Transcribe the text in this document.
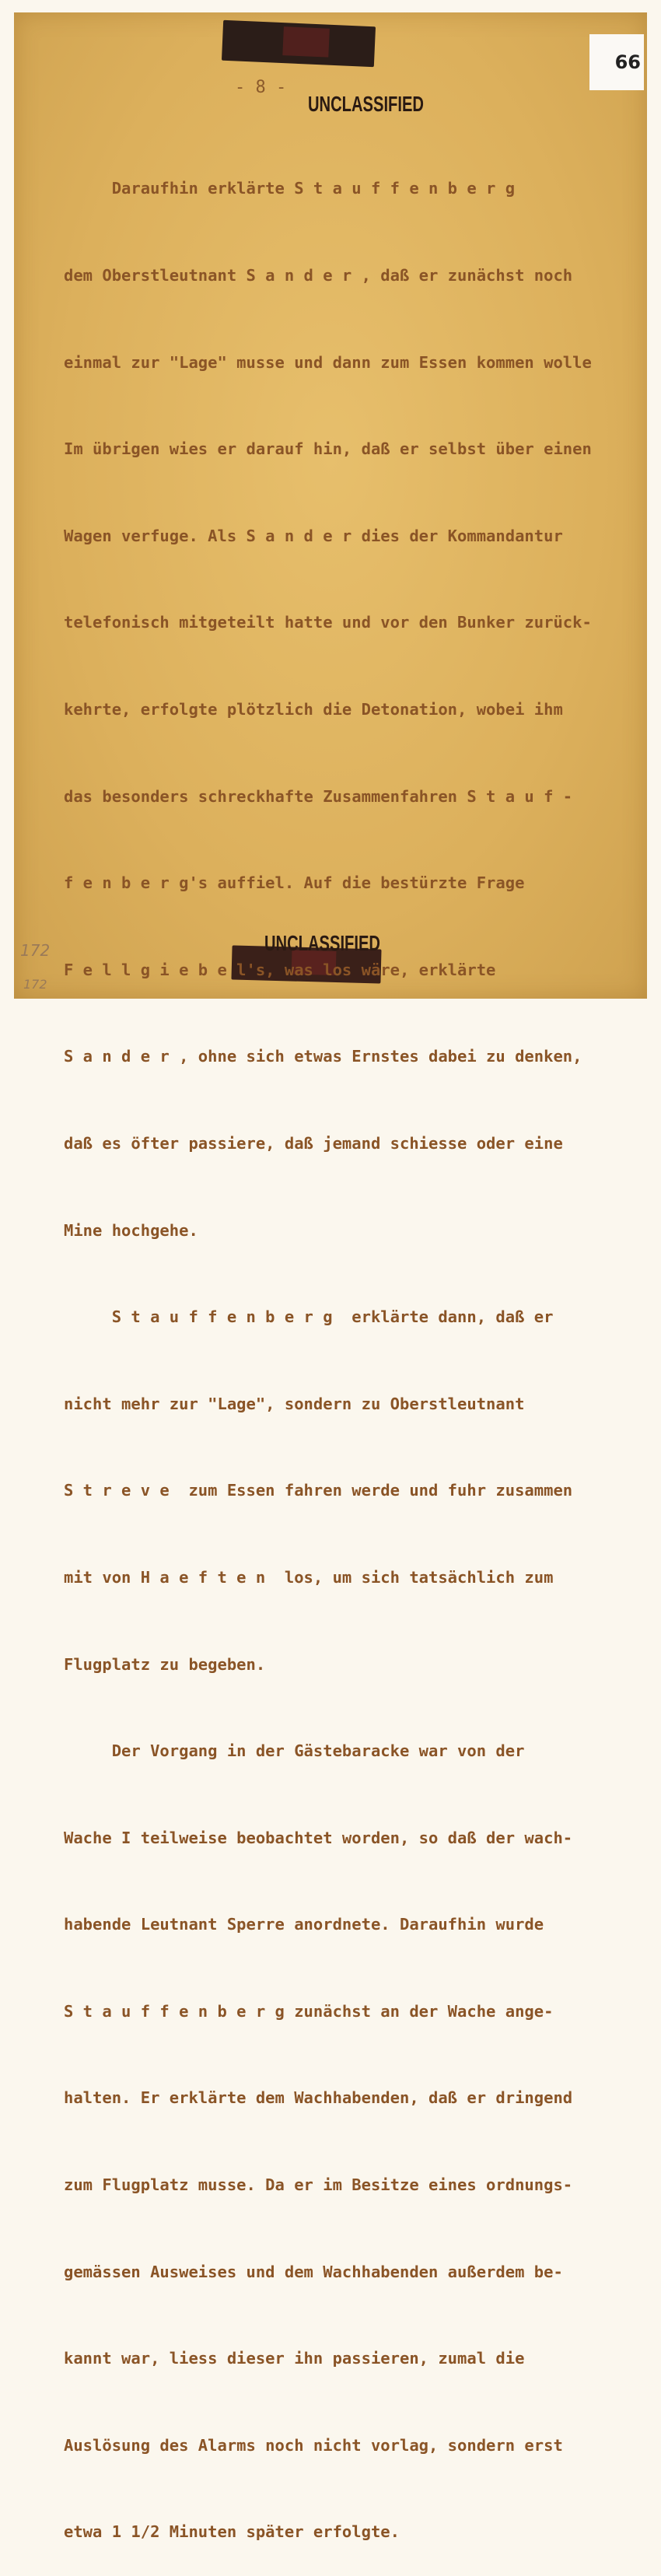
66
- 8 -
UNCLASSIFIED
UNCLASSIFIED

Daraufhin erklärte S t a u f f e n b e r g

dem Oberstleutnant S a n d e r , daß er zunächst noch

einmal zur "Lage" musse und dann zum Essen kommen wolle

Im übrigen wies er darauf hin, daß er selbst über einen

Wagen verfuge. Als S a n d e r dies der Kommandantur

telefonisch mitgeteilt hatte und vor den Bunker zurück-

kehrte, erfolgte plötzlich die Detonation, wobei ihm

das besonders schreckhafte Zusammenfahren S t a u f -

f e n b e r g's auffiel. Auf die bestürzte Frage

F e l l g i e b e l's, was los wäre, erklärte

S a n d e r , ohne sich etwas Ernstes dabei zu denken,

daß es öfter passiere, daß jemand schiesse oder eine

Mine hochgehe.

S t a u f f e n b e r g  erklärte dann, daß er

nicht mehr zur "Lage", sondern zu Oberstleutnant

S t r e v e  zum Essen fahren werde und fuhr zusammen

mit von H a e f t e n  los, um sich tatsächlich zum

Flugplatz zu begeben.

Der Vorgang in der Gästebaracke war von der

Wache I teilweise beobachtet worden, so daß der wach-

habende Leutnant Sperre anordnete. Daraufhin wurde

S t a u f f e n b e r g zunächst an der Wache ange-

halten. Er erklärte dem Wachhabenden, daß er dringend

zum Flugplatz musse. Da er im Besitze eines ordnungs-

gemässen Ausweises und dem Wachhabenden außerdem be-

kannt war, liess dieser ihn passieren, zumal die

Auslösung des Alarms noch nicht vorlag, sondern erst

etwa 1 1/2 Minuten später erfolgte.

172
172
